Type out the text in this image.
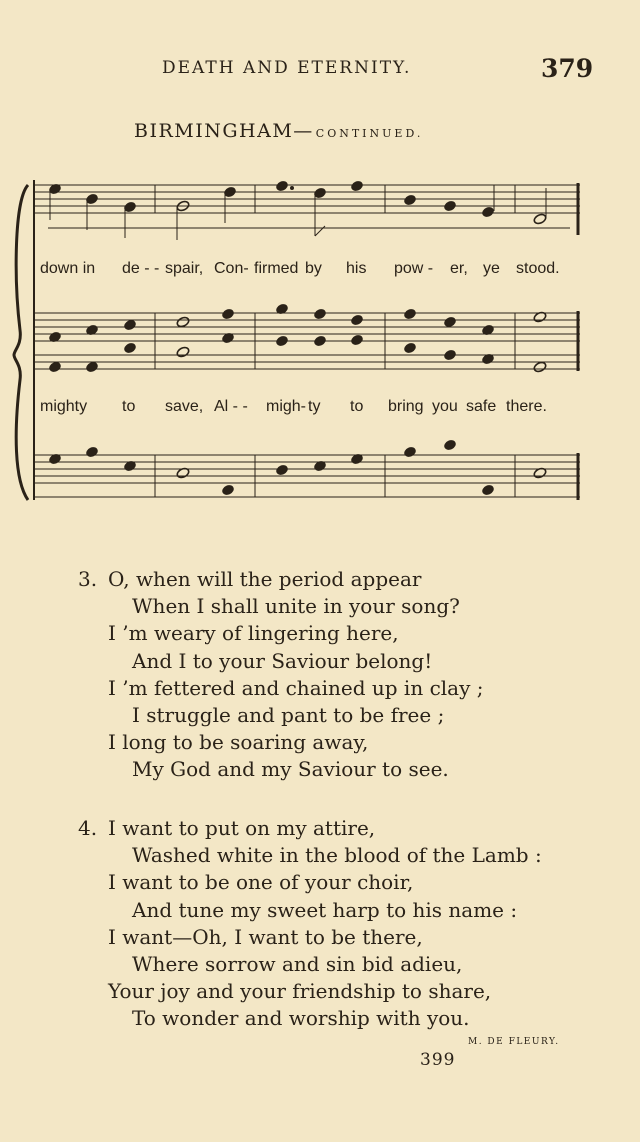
DEATH AND ETERNITY.	379
BIRMINGHAM— CONTINUED.
down in de - - spair, Con- firmed by his pow - er, ye stood.
mighty to save, Al - - migh- ty to bring you safe there.
3. O, when will the period appear
When I shall unite in your song?
I ’m weary of lingering here,
And I to your Saviour belong!
I ’m fettered and chained up in clay ;
I struggle and pant to be free ;
I long to be soaring away,
My God and my Saviour to see.
4. I want to put on my attire,
Washed white in the blood of the Lamb :
I want to be one of your choir,
And tune my sweet harp to his name :
I want—Oh, I want to be there,
Where sorrow and sin bid adieu,
Your joy and your friendship to share,
To wonder and worship with you.
M. DE FLEURY.
399
